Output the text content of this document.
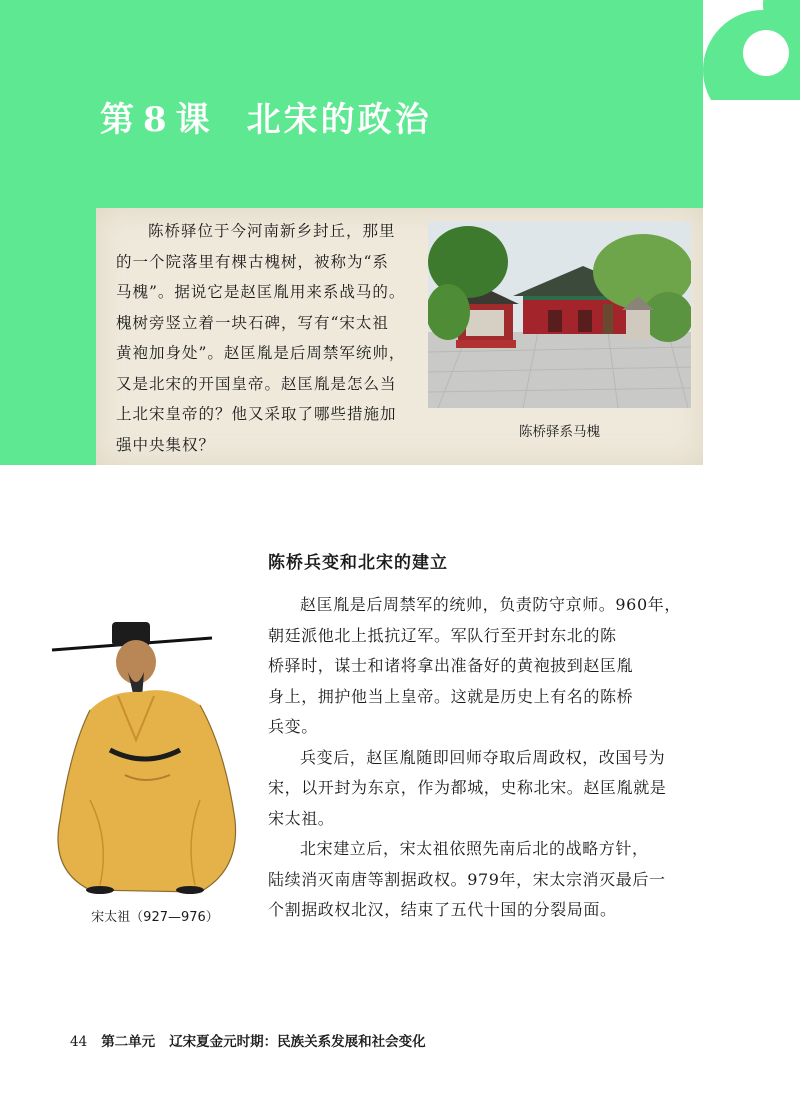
第 8 课 北宋的政治
陈桥驿位于今河南新乡封丘，那里
的一个院落里有棵古槐树，被称为“系
马槐”。据说它是赵匡胤用来系战马的。
槐树旁竖立着一块石碑，写有“宋太祖
黄袍加身处”。赵匡胤是后周禁军统帅，
又是北宋的开国皇帝。赵匡胤是怎么当
上北宋皇帝的？他又采取了哪些措施加
强中央集权？
陈桥驿系马槐
陈桥兵变和北宋的建立
赵匡胤是后周禁军的统帅，负责防守京师。960年，
朝廷派他北上抵抗辽军。军队行至开封东北的陈
桥驿时，谋士和诸将拿出准备好的黄袍披到赵匡胤
身上，拥护他当上皇帝。这就是历史上有名的陈桥
兵变。
兵变后，赵匡胤随即回师夺取后周政权，改国号为
宋，以开封为东京，作为都城，史称北宋。赵匡胤就是
宋太祖。
北宋建立后，宋太祖依照先南后北的战略方针，
陆续消灭南唐等割据政权。979年，宋太宗消灭最后一
个割据政权北汉，结束了五代十国的分裂局面。
宋太祖（927—976）
44 第二单元 辽宋夏金元时期：民族关系发展和社会变化
